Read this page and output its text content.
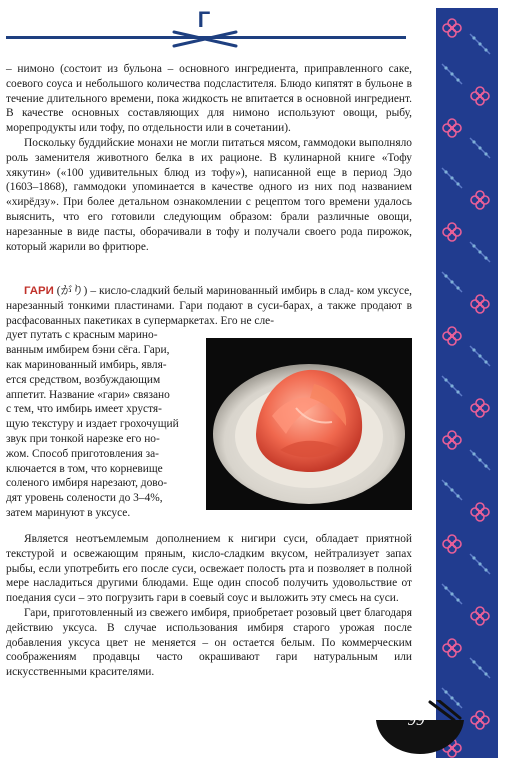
Г

– нимоно (состоит из бульона – основного ингредиента, приправленного саке, соевого соуса и небольшого количества подсластителя. Блюдо кипятят в бульоне в течение длительного времени, пока жидкость не впитается в основной ингредиент. В качестве основных составляющих для нимоно используют овощи, рыбу, морепродукты или тофу, по отдельности или в сочетании).

Поскольку буддийские монахи не могли питаться мясом, гаммодоки выполняло роль заменителя животного белка в их рационе. В кулинарной книге «Тофу хякутин» («100 удивительных блюд из тофу»), написанной еще в период Эдо (1603–1868), гаммодоки упоминается в качестве одного из них под названием «хирёдзу». При более детальном ознакомлении с рецептом того времени удалось выяснить, что его готовили следующим образом: брали различные овощи, нарезанные в виде пасты, оборачивали в тофу и получали своего рода пирожок, который жарили во фритюре.

ГАРИ (がり) – кисло-сладкий белый маринованный имбирь в слад- ком уксусе, нарезанный тонкими пластинами. Гари подают в суси-барах, а также продают в расфасованных пакетиках в супермаркетах. Его не сле-

дует путать с красным марино-
ванным имбирем бэни сёга. Гари,
как маринованный имбирь, явля-
ется средством, возбуждающим
аппетит. Название «гари» связано
с тем, что имбирь имеет хрустя-
щую текстуру и издает грохочущий
звук при тонкой нарезке его но-
жом. Способ приготовления за-
ключается в том, что корневище
соленого имбиря нарезают, дово-
дят уровень солености до 3–4%,
затем маринуют в уксусе.

Является неотъемлемым дополнением к нигири суси, обладает приятной текстурой и освежающим пряным, кисло-сладким вкусом, нейтрализует запах рыбы, если употребить его после суси, освежает полость рта и позволяет в полной мере насладиться другими блюдами. Еще один способ получить удовольствие от поедания суси – это погрузить гари в соевый соус и выложить эту смесь на суси.

Гари, приготовленный из свежего имбиря, приобретает розовый цвет благодаря действию уксуса. В случае использования имбиря старого урожая после добавления уксуса цвет не меняется – он остается белым. По коммерческим соображениям продавцы часто окрашивают гари натуральным или искусственными красителями.

99
